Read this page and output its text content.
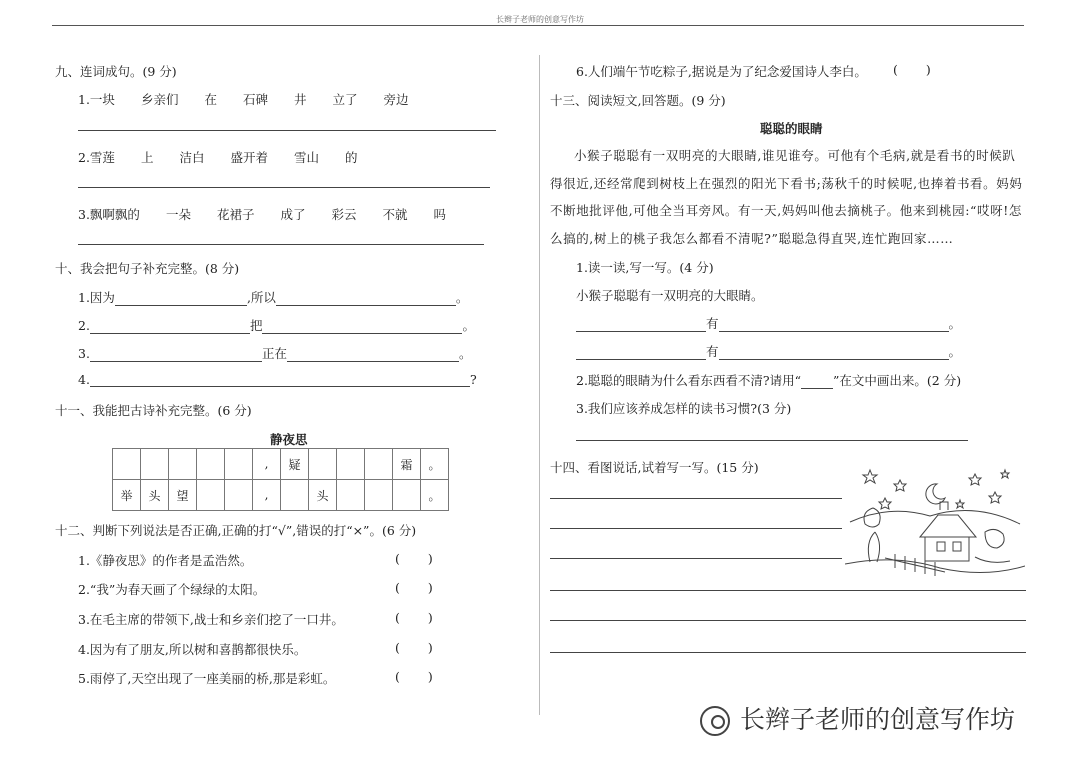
长辫子老师的创意写作坊
九、连词成句。(9 分)
1.一块 乡亲们 在 石碑 井 立了 旁边
2.雪莲 上 洁白 盛开着 雪山 的
3.飘啊飘的 一朵 花裙子 成了 彩云 不就 吗
十、我会把句子补充完整。(8 分)
1.因为	,所以	。
2.	把	。
3.	正在	。
4.	?
十一、我能把古诗补充完整。(6 分)
静夜思
					,	疑				霜	。
举	头	望			,		头				。
十二、判断下列说法是否正确,正确的打“√”,错误的打“×”。(6 分)
1.《静夜思》的作者是孟浩然。
2.“我”为春天画了个绿绿的太阳。
3.在毛主席的带领下,战士和乡亲们挖了一口井。
4.因为有了朋友,所以树和喜鹊都很快乐。
5.雨停了,天空出现了一座美丽的桥,那是彩虹。
( )
( )
( )
( )
( )
6.人们端午节吃粽子,据说是为了纪念爱国诗人李白。 ( )
十三、阅读短文,回答题。(9 分)
聪聪的眼睛
小猴子聪聪有一双明亮的大眼睛,谁见谁夸。可他有个毛病,就是看书的时候趴得很近,还经常爬到树枝上在强烈的阳光下看书;荡秋千的时候呢,也捧着书看。妈妈不断地批评他,可他全当耳旁风。有一天,妈妈叫他去摘桃子。他来到桃园:“哎呀!怎么搞的,树上的桃子我怎么都看不清呢?”聪聪急得直哭,连忙跑回家……
1.读一读,写一写。(4 分)
小猴子聪聪有一双明亮的大眼睛。
有	。
有	。
2.聪聪的眼睛为什么看东西看不清?请用“	”在文中画出来。(2 分)
3.我们应该养成怎样的读书习惯?(3 分)
十四、看图说话,试着写一写。(15 分)
长辫子老师的创意写作坊
